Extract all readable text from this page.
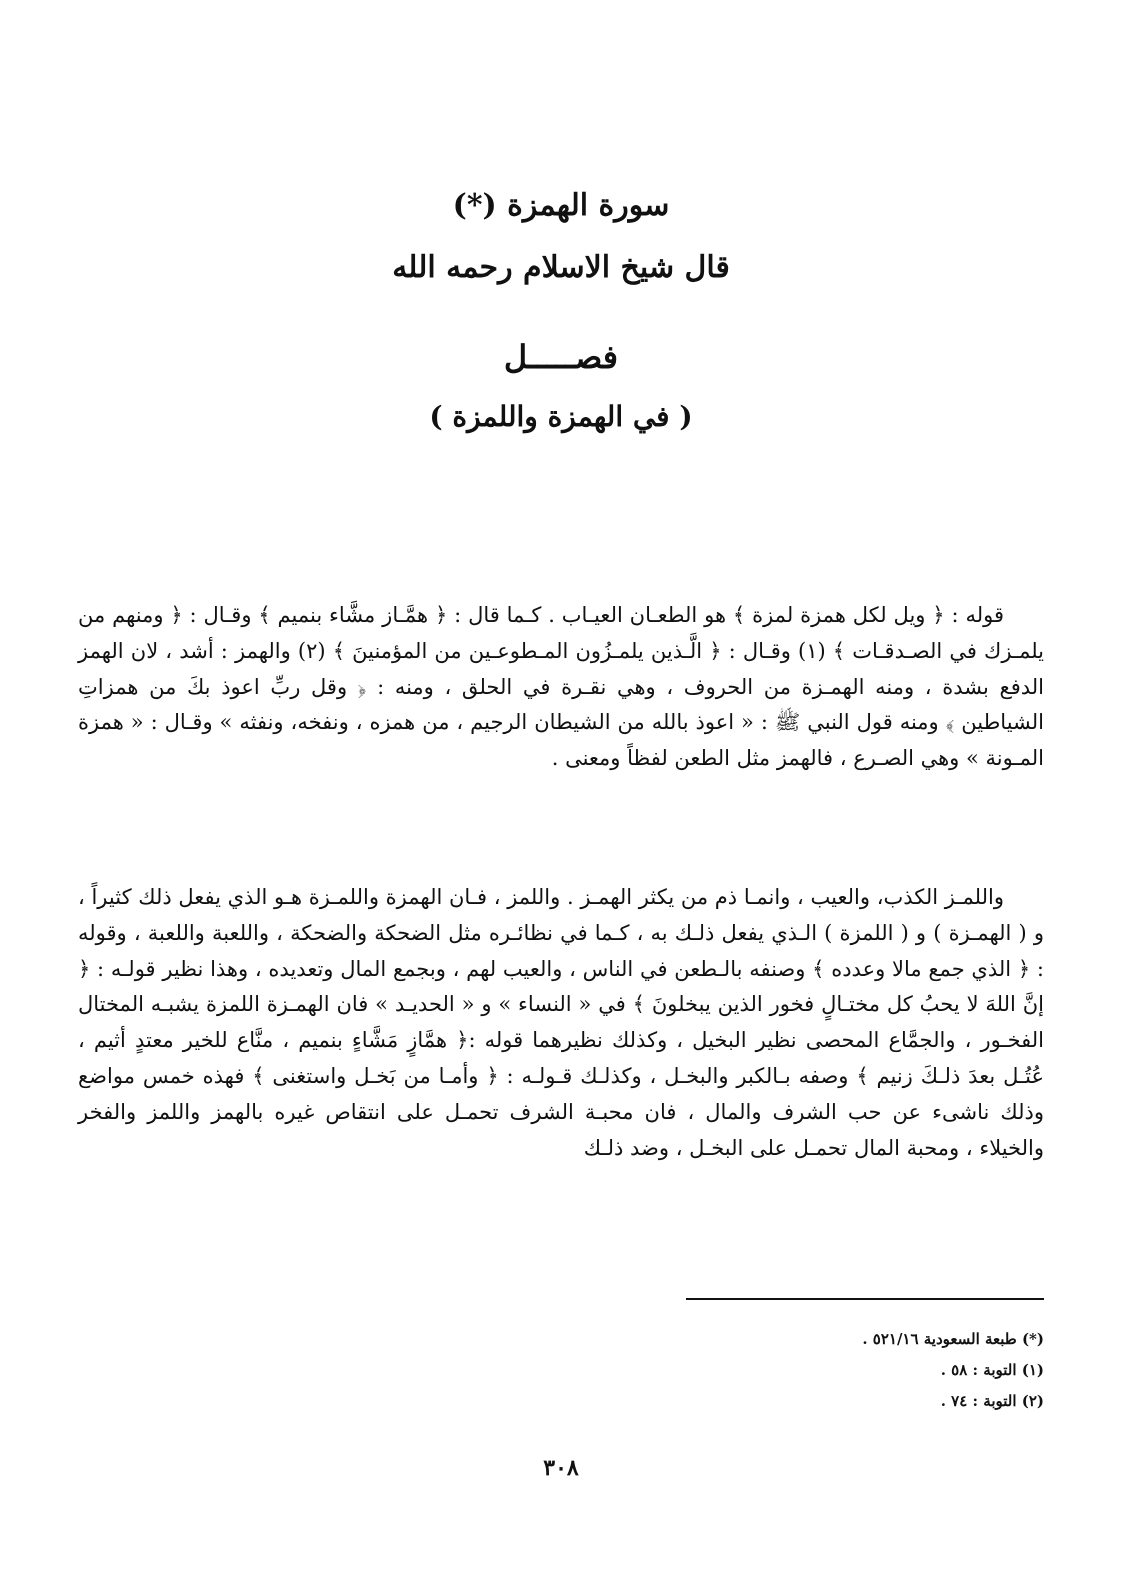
سورة الهمزة (*)
قال شيخ الاسلام رحمه الله
فصـــــل
( في الهمزة واللمزة )

قوله : ﴿ ويل لكل همزة لمزة ﴾ هو الطعـان العيـاب . كـما قال : ﴿ همَّـاز مشَّاء بنميم ﴾ وقـال : ﴿ ومنهم من يلمـزك في الصـدقـات ﴾ (١) وقـال : ﴿ الَّـذين يلمـزُون المـطوعـين من المؤمنينَ ﴾ (٢) والهمز : أشد ، لان الهمز الدفع بشدة ، ومنه الهمـزة من الحروف ، وهي نقـرة في الحلق ، ومنه : ﴿ وقل ربِّ اعوذ بكَ من همزاتِ الشياطين ﴾ ومنه قول النبي ﷺ : « اعوذ بالله من الشيطان الرجيم ، من همزه ، ونفخه، ونفثه » وقـال : « همزة المـونة » وهي الصـرع ، فالهمز مثل الطعن لفظاً ومعنى .

واللمـز الكذب، والعيب ، وانمـا ذم من يكثر الهمـز . واللمز ، فـان الهمزة واللمـزة هـو الذي يفعل ذلك كثيراً ، و ( الهمـزة ) و ( اللمزة ) الـذي يفعل ذلـك به ، كـما في نظائـره مثل الضحكة والضحكة ، واللعبة واللعبة ، وقوله : ﴿ الذي جمع مالا وعدده ﴾ وصنفه بالـطعن في الناس ، والعيب لهم ، وبجمع المال وتعديده ، وهذا نظير قولـه : ﴿ إنَّ اللهَ لا يحبُ كل مختـالٍ فخور الذين يبخلونَ ﴾ في « النساء » و « الحديـد » فان الهمـزة اللمزة يشبـه المختال الفخـور ، والجمَّاع المحصى نظير البخيل ، وكذلك نظيرهما قوله :﴿ همَّازٍ مَشَّاءٍ بنميم ، منَّاع للخير معتدٍ أثيم ، عُتُـل بعدَ ذلـكَ زنيم ﴾ وصفه بـالكبر والبخـل ، وكذلـك قـولـه : ﴿ وأمـا من بَخـل واستغنى ﴾ فهذه خمس مواضع وذلك ناشىء عن حب الشرف والمال ، فان محبـة الشرف تحمـل على انتقاص غيره بالهمز واللمز والفخر والخيلاء ، ومحبة المال تحمـل على البخـل ، وضد ذلـك

(*) طبعة السعودية ٥٢١/١٦ .
(١) التوبة : ٥٨ .
(٢) التوبة : ٧٤ .
٣٠٨
